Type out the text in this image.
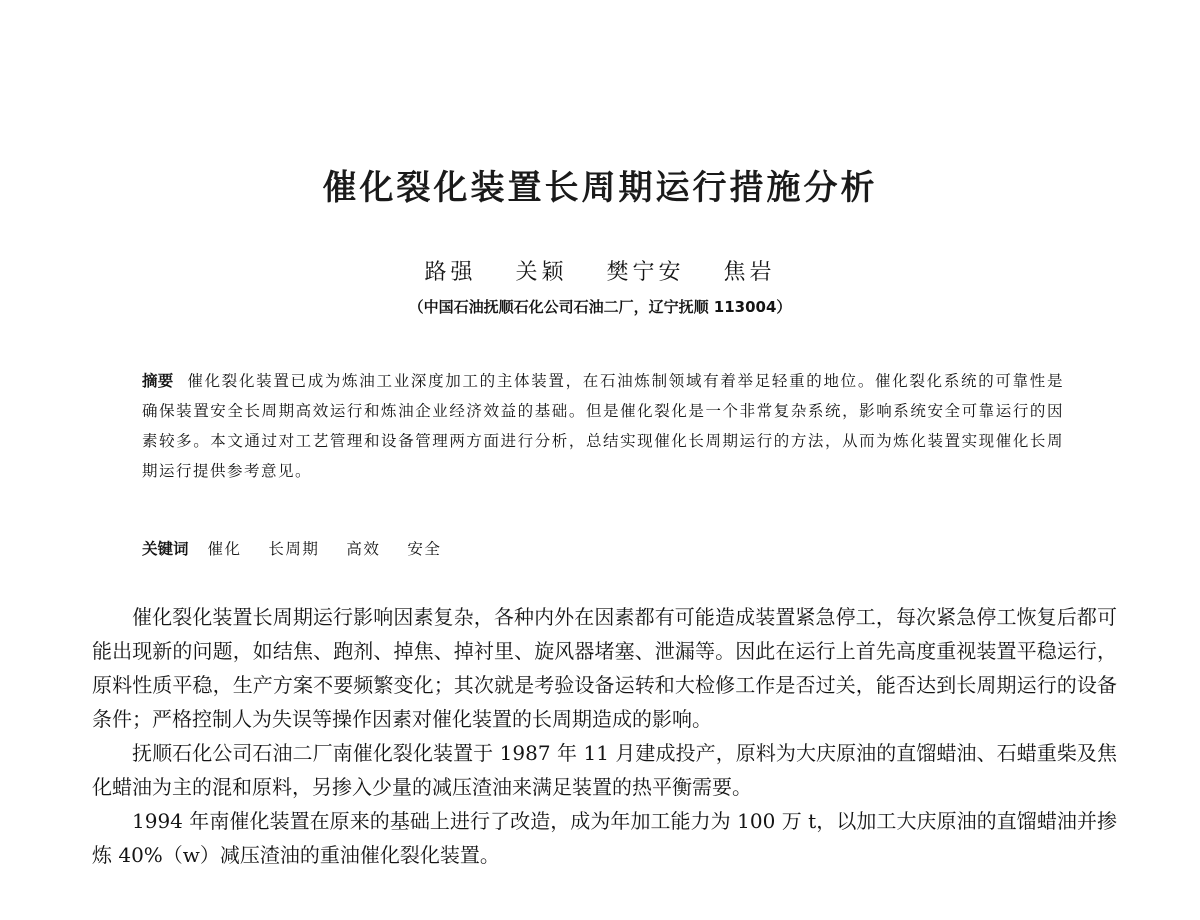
催化裂化装置长周期运行措施分析
路强 关颖 樊宁安 焦岩
（中国石油抚顺石化公司石油二厂，辽宁抚顺 113004）
摘要 催化裂化装置已成为炼油工业深度加工的主体装置，在石油炼制领域有着举足轻重的地位。催化裂化系统的可靠性是确保装置安全长周期高效运行和炼油企业经济效益的基础。但是催化裂化是一个非常复杂系统，影响系统安全可靠运行的因素较多。本文通过对工艺管理和设备管理两方面进行分析，总结实现催化长周期运行的方法，从而为炼化装置实现催化长周期运行提供参考意见。
关键词 催化 长周期 高效 安全

催化裂化装置长周期运行影响因素复杂，各种内外在因素都有可能造成装置紧急停工，每次紧急停工恢复后都可能出现新的问题，如结焦、跑剂、掉焦、掉衬里、旋风器堵塞、泄漏等。因此在运行上首先高度重视装置平稳运行，原料性质平稳，生产方案不要频繁变化；其次就是考验设备运转和大检修工作是否过关，能否达到长周期运行的设备条件；严格控制人为失误等操作因素对催化装置的长周期造成的影响。

抚顺石化公司石油二厂南催化裂化装置于 1987 年 11 月建成投产，原料为大庆原油的直馏蜡油、石蜡重柴及焦化蜡油为主的混和原料，另掺入少量的减压渣油来满足装置的热平衡需要。

1994 年南催化装置在原来的基础上进行了改造，成为年加工能力为 100 万 t，以加工大庆原油的直馏蜡油并掺炼 40%（w）减压渣油的重油催化裂化装置。
